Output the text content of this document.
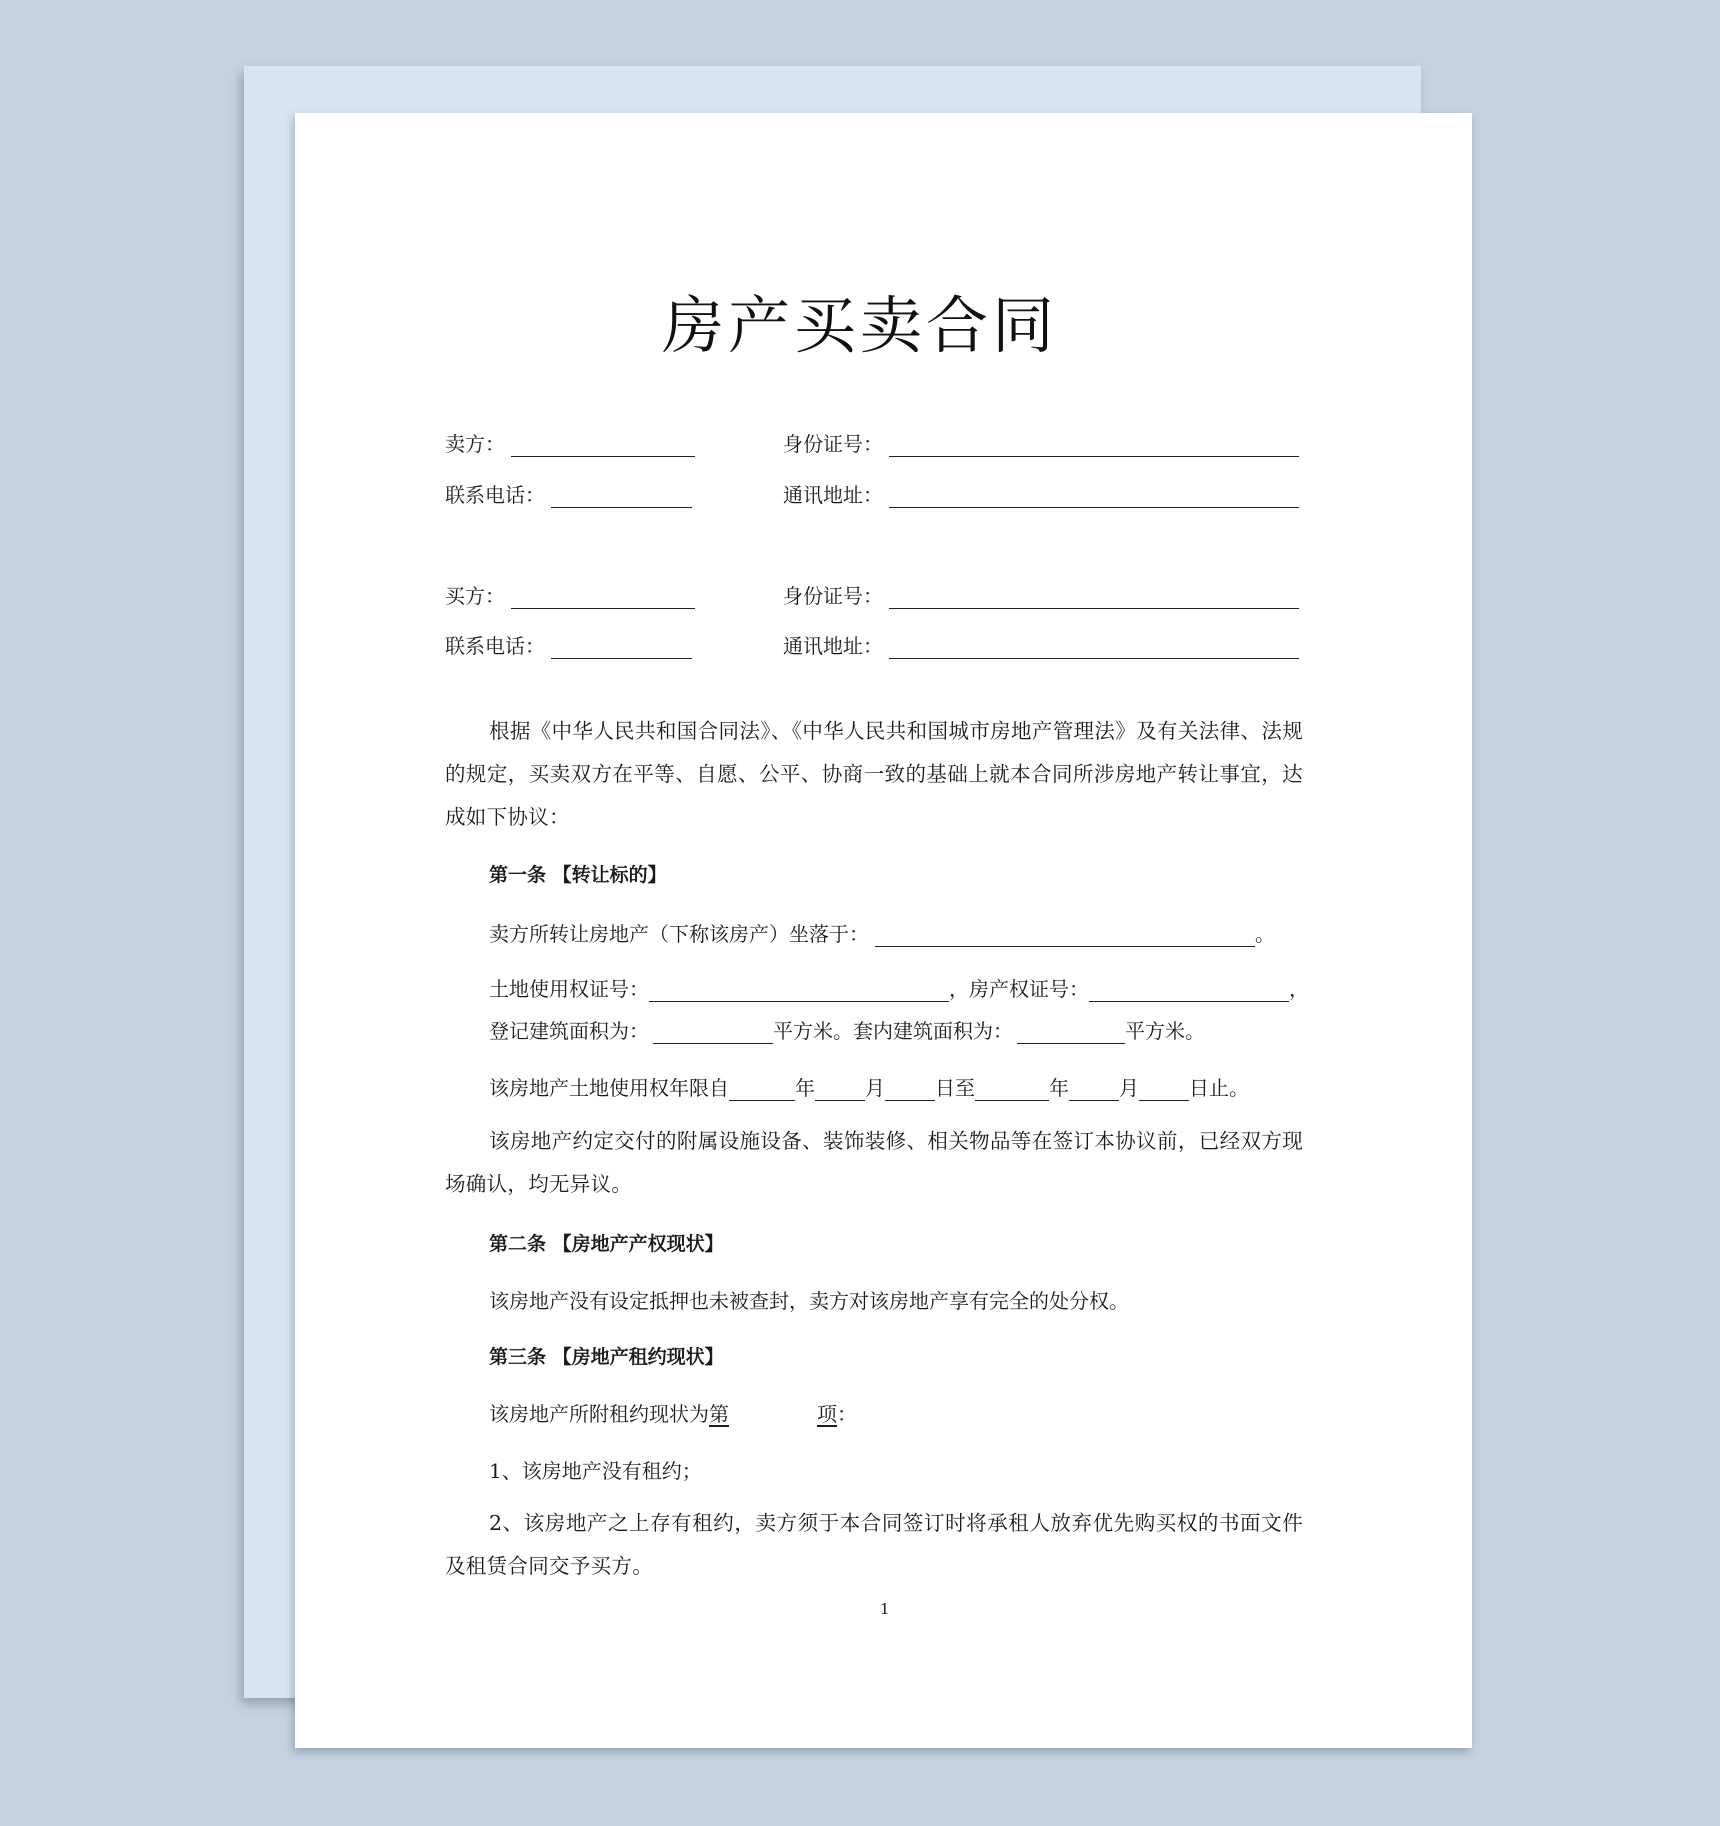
房产买卖合同
卖方：	身份证号：
联系电话：	通讯地址：
买方：	身份证号：
联系电话：	通讯地址：
根据《中华人民共和国合同法》、《中华人民共和国城市房地产管理法》及有关法律、法规的规定，买卖双方在平等、自愿、公平、协商一致的基础上就本合同所涉房地产转让事宜，达成如下协议：
第一条 【转让标的】
卖方所转让房地产（下称该房产）坐落于：	。
土地使用权证号：	，房产权证号：	，
登记建筑面积为：	平方米。套内建筑面积为：	平方米。
该房地产土地使用权年限自	年	月	日至	年	月	日止。
该房地产约定交付的附属设施设备、装饰装修、相关物品等在签订本协议前，已经双方现场确认，均无异议。
第二条 【房地产产权现状】
该房地产没有设定抵押也未被查封，卖方对该房地产享有完全的处分权。
第三条 【房地产租约现状】
该房地产所附租约现状为第	项：
1、该房地产没有租约；
2、该房地产之上存有租约，卖方须于本合同签订时将承租人放弃优先购买权的书面文件及租赁合同交予买方。
1
